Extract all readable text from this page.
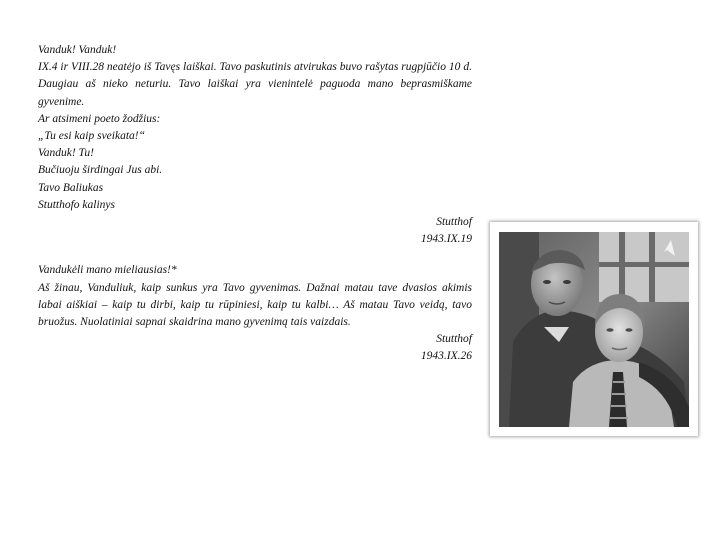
Vanduk! Vanduk!

IX.4 ir VIII.28 neatėjo iš Tavęs laiškai. Tavo paskutinis atvirukas buvo rašytas rugpjūčio 10 d. Daugiau aš nieko neturiu. Tavo laiškai yra vienintelė paguoda mano beprasmiškame gyvenime.

Ar atsimeni poeto žodžius:

„Tu esi kaip sveikata!“

Vanduk! Tu!

Bučiuoju širdingai Jus abi.

Tavo Baliukas

Stutthofo kalinys

Stutthof

1943.IX.19

Vandukėli mano mieliausias!*

Aš žinau, Vanduliuk, kaip sunkus yra Tavo gyvenimas. Dažnai matau tave dvasios akimis labai aiškiai – kaip tu dirbi, kaip tu rūpiniesi, kaip tu kalbi… Aš matau Tavo veidą, tavo bruožus. Nuolatiniai sapnai skaidrina mano gyvenimą tais vaizdais.

Stutthof

1943.IX.26
